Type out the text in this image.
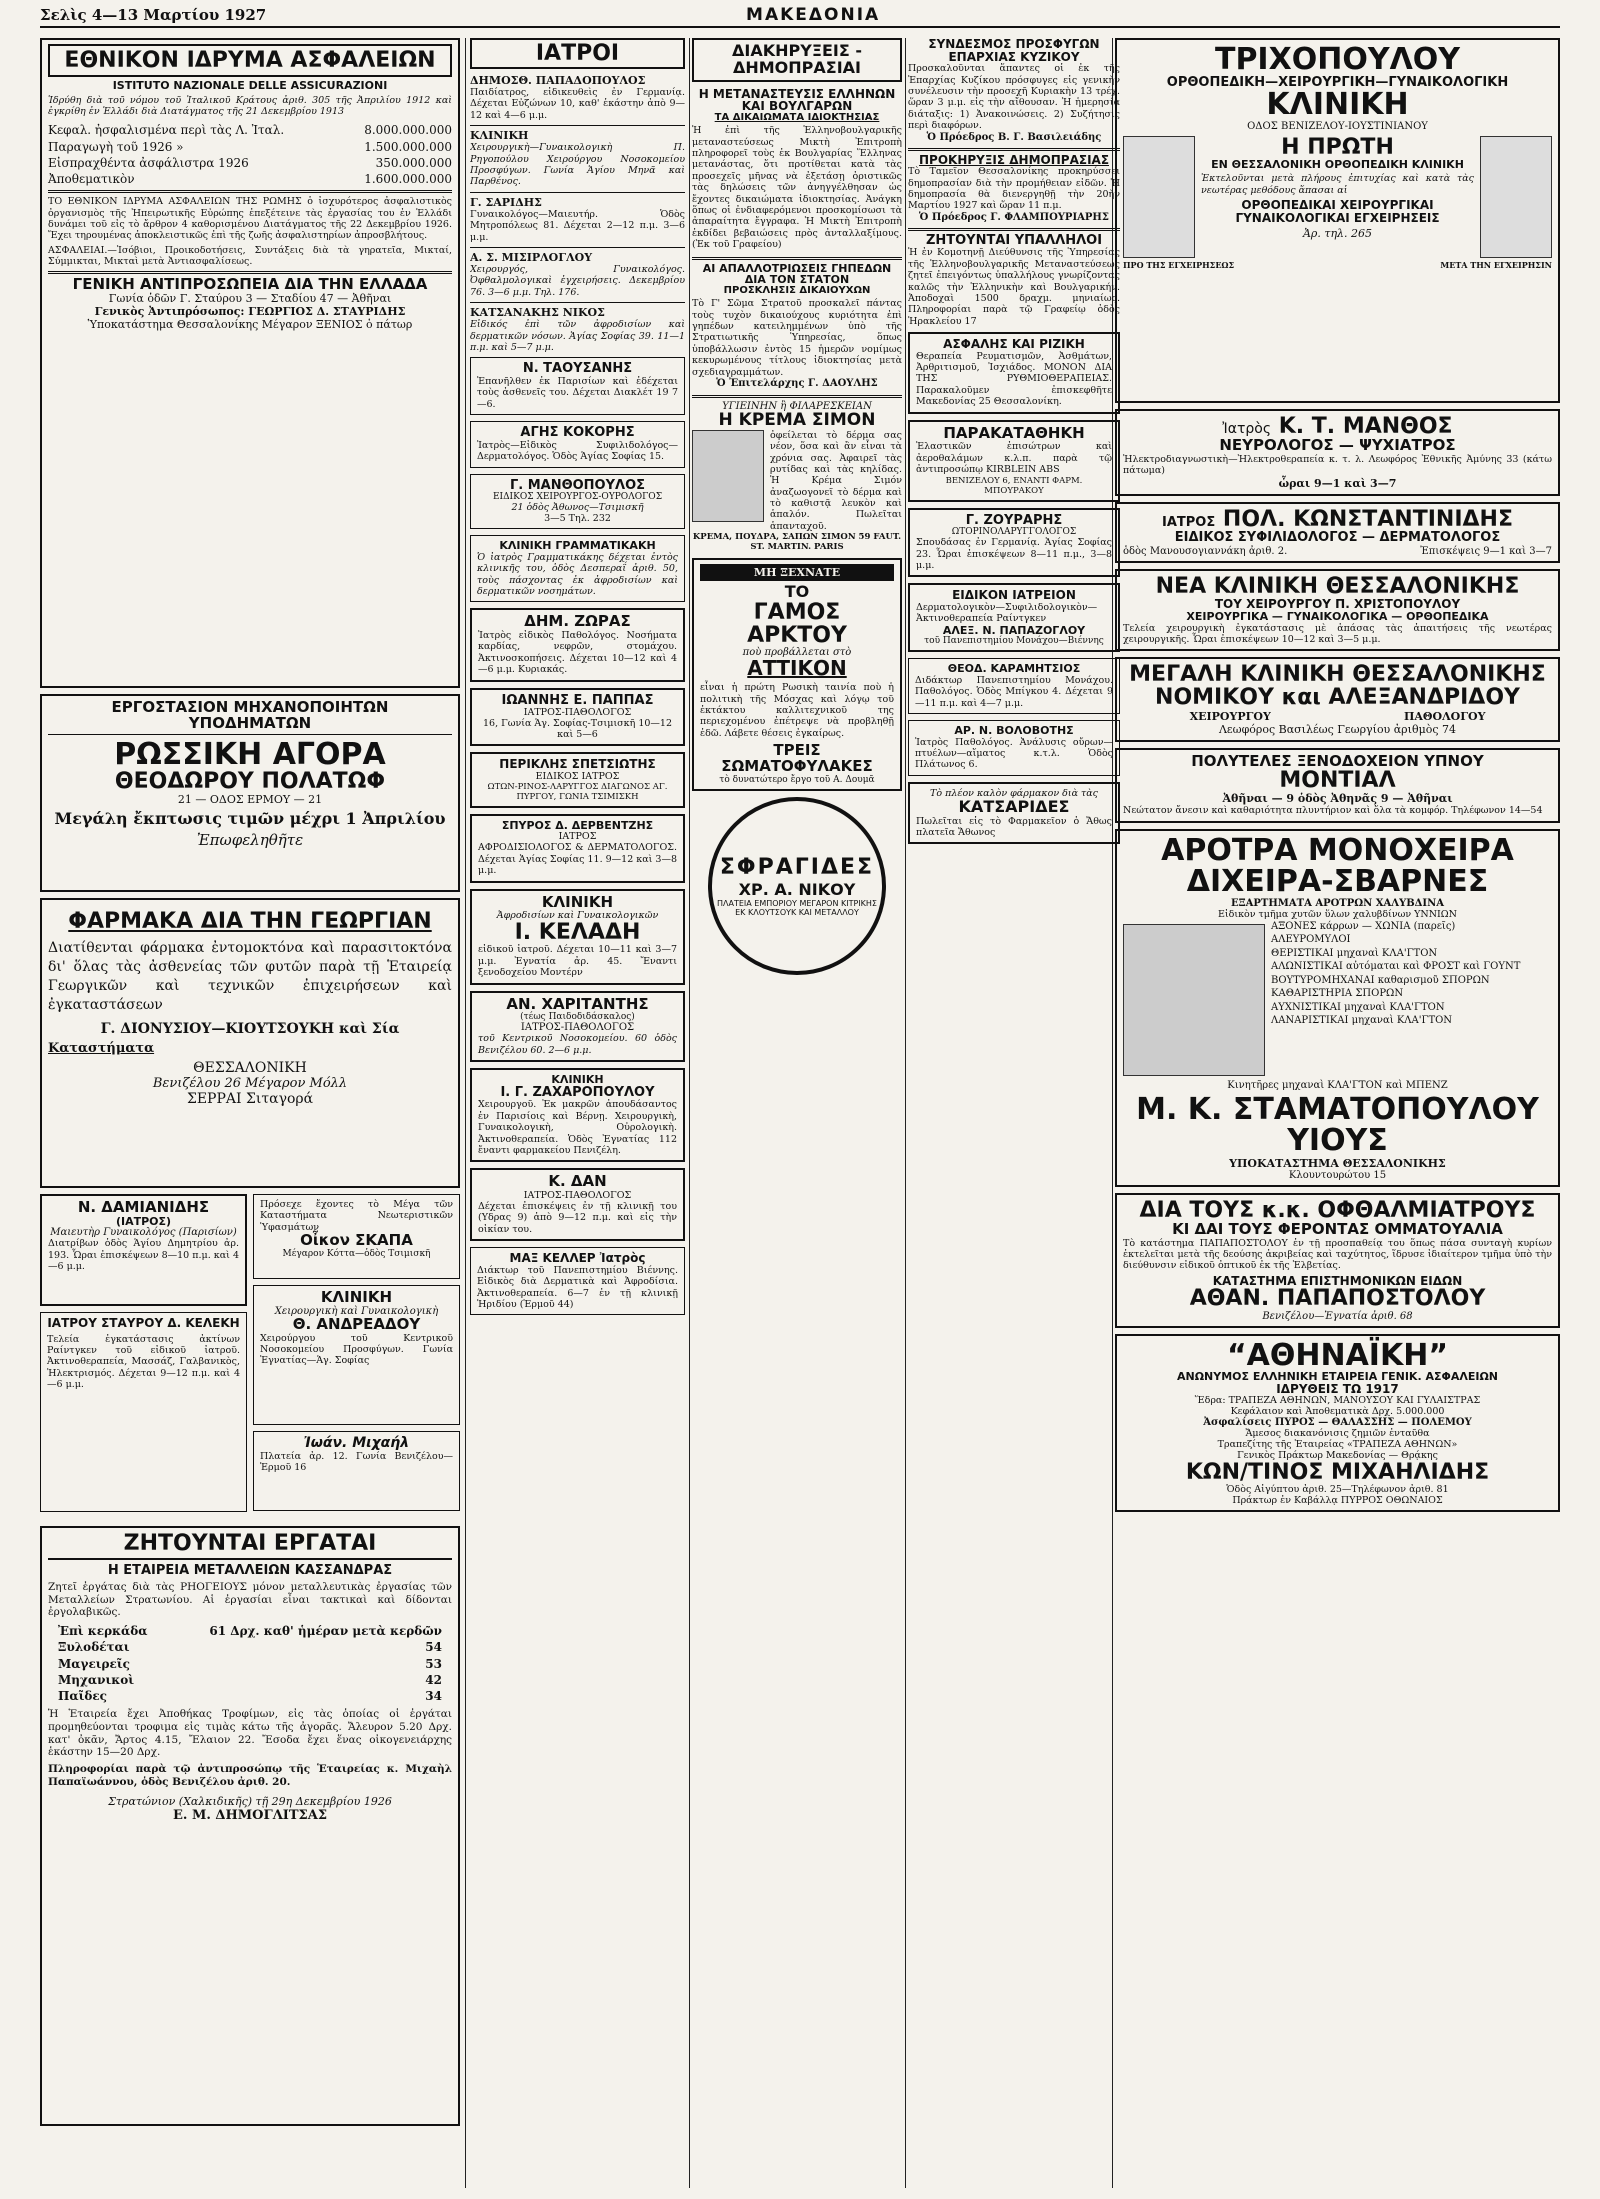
Σελὶς 4—13 Μαρτίου 1927	ΜΑΚΕΔΟΝΙΑ
ΕΘΝΙΚΟΝ ΙΔΡΥΜΑ ΑΣΦΑΛΕΙΩΝ
ISTITUTO NAZIONALE DELLE ASSICURAZIONI
Ἱδρύθη διὰ τοῦ νόμου τοῦ Ἰταλικοῦ Κράτους ἀριθ. 305 τῆς Ἀπριλίου 1912 καὶ ἐγκρίθη ἐν Ἑλλάδι διὰ Διατάγματος τῆς 21 Δεκεμβρίου 1913
Κεφαλ. ἠσφαλισμένα περὶ τὰς Λ. Ἰταλ.	8.000.000.000
Παραγωγὴ τοῦ 1926 »	1.500.000.000
Εἰσπραχθέντα ἀσφάλιστρα 1926	350.000.000
Ἀποθεματικὸν	1.600.000.000
ΤΟ ΕΘΝΙΚΟΝ ΙΔΡΥΜΑ ΑΣΦΑΛΕΙΩΝ ΤΗΣ ΡΩΜΗΣ ὁ ἰσχυρότερος ἀσφαλιστικὸς ὀργανισμὸς τῆς Ἠπειρωτικῆς Εὐρώπης ἐπεξέτεινε τὰς ἐργασίας του ἐν Ἑλλάδι δυνάμει τοῦ εἰς τὸ ἄρθρον 4 καθορισμένου Διατάγματος τῆς 22 Δεκεμβρίου 1926. Ἔχει τηρουμένας ἀποκλειστικῶς ἐπὶ τῆς ζωῆς ἀσφαλιστηρίων ἀπροσβλήτους.
ΑΣΦΑΛΕΙΑΙ.—Ἰσόβιοι, Προικοδοτήσεις, Συντάξεις διὰ τὰ γηρατεῖα, Μικταί, Σύμμικται, Μικταὶ μετὰ Ἀντιασφαλίσεως.
ΓΕΝΙΚΗ ΑΝΤΙΠΡΟΣΩΠΕΙΑ ΔΙΑ ΤΗΝ ΕΛΛΑΔΑ
Γωνία ὁδῶν Γ. Σταύρου 3 — Σταδίου 47 — Ἀθῆναι
Γενικὸς Ἀντιπρόσωπος: ΓΕΩΡΓΙΟΣ Δ. ΣΤΑΥΡΙΔΗΣ
Ὑποκατάστημα Θεσσαλονίκης Μέγαρον ΞΕΝΙΟΣ ὁ πάτωρ
ΕΡΓΟΣΤΑΣΙΟΝ ΜΗΧΑΝΟΠΟΙΗΤΩΝ ΥΠΟΔΗΜΑΤΩΝ
ΡΩΣΣΙΚΗ ΑΓΟΡΑ
ΘΕΟΔΩΡΟΥ ΠΟΛΑΤΩΦ
21 — ΟΔΟΣ ΕΡΜΟΥ — 21
Μεγάλη ἔκπτωσις τιμῶν μέχρι 1 Ἀπριλίου
Ἐπωφεληθῆτε
ΦΑΡΜΑΚΑ ΔΙΑ ΤΗΝ ΓΕΩΡΓΙΑΝ
Διατίθενται φάρμακα ἐντομοκτόνα καὶ παρασιτοκτόνα δι' ὅλας τὰς ἀσθενείας τῶν φυτῶν παρὰ τῇ Ἑταιρείᾳ Γεωργικῶν καὶ τεχνικῶν ἐπιχειρήσεων καὶ ἐγκαταστάσεων
Γ. ΔΙΟΝΥΣΙΟΥ—ΚΙΟΥΤΣΟΥΚΗ καὶ Σία
Καταστήματα
ΘΕΣΣΑΛΟΝΙΚΗ
Βενιζέλου 26 Μέγαρον Μόλλ
ΣΕΡΡΑΙ Σιταγορά
Ν. ΔΑΜΙΑΝΙΔΗΣ
(ΙΑΤΡΟΣ)
Μαιευτὴρ Γυναικολόγος (Παρισίων)
Διατρίβων ὁδὸς Ἁγίου Δημητρίου ἀρ. 193. Ὧραι ἐπισκέψεων 8—10 π.μ. καὶ 4—6 μ.μ.
ΙΑΤΡΟΥ ΣΤΑΥΡΟΥ Δ. ΚΕΛΕΚΗ
Τελεία ἐγκατάστασις ἀκτίνων Ραίντγκεν τοῦ εἰδικοῦ ἰατροῦ. Ἀκτινοθεραπεία, Μασσάζ, Γαλβανικὸς, Ἠλεκτρισμός. Δέχεται 9—12 π.μ. καὶ 4—6 μ.μ.
Πρόσεχε ἔχοντες τὸ Μέγα τῶν Καταστήματα Νεωτεριστικῶν Ὑφασμάτων
Οἶκον ΣΚΑΠΑ
Μέγαρον Κόττα—ὁδὸς Τσιμισκῆ
ΚΛΙΝΙΚΗ
Χειρουργικὴ καὶ Γυναικολογικὴ
Θ. ΑΝΔΡΕΑΔΟΥ
Χειρούργου τοῦ Κεντρικοῦ Νοσοκομείου Προσφύγων. Γωνία Ἐγνατίας—Ἁγ. Σοφίας
Ἰωάν. Μιχαήλ
Πλατεία ἀρ. 12. Γωνία Βενιζέλου—Ἑρμοῦ 16
ΖΗΤΟΥΝΤΑΙ ΕΡΓΑΤΑΙ
Η ΕΤΑΙΡΕΙΑ ΜΕΤΑΛΛΕΙΩΝ ΚΑΣΣΑΝΔΡΑΣ
Ζητεῖ ἐργάτας διὰ τὰς ΡΗΟΓΕΙΟΥΣ μόνον μεταλλευτικὰς ἐργασίας τῶν Μεταλλείων Στρατωνίου. Αἱ ἐργασίαι εἶναι τακτικαὶ καὶ δίδονται ἐργολαβικῶς.
Ἐπὶ κερκάδα	61 Δρχ. καθ' ἡμέραν μετὰ κερδῶν
Ξυλοδέται	54
Μαγειρεῖς	53
Μηχανικοὶ	42
Παῖδες	34
Ἡ Ἑταιρεία ἔχει Ἀποθήκας Τροφίμων, εἰς τὰς ὁποίας οἱ ἐργάται προμηθεύονται τροφιμα εἰς τιμὰς κάτω τῆς ἀγορᾶς. Ἄλευρον 5.20 Δρχ. κατ' ὀκᾶν, Ἄρτος 4.15, Ἔλαιον 22. Ἔσοδα ἔχει ἕνας οἰκογενειάρχης ἑκάστην 15—20 Δρχ.
Πληροφορίαι παρὰ τῷ ἀντιπροσώπῳ τῆς Ἑταιρείας κ. Μιχαὴλ Παπαϊωάννου, ὁδὸς Βενιζέλου ἀριθ. 20.
Στρατώνιον (Χαλκιδικῆς) τῇ 29η Δεκεμβρίου 1926
Ε. Μ. ΔΗΜΟΓΛΙΤΣΑΣ
ΙΑΤΡΟΙ
ΔΗΜΟΣΘ. ΠΑΠΑΔΟΠΟΥΛΟΣ
Παιδίατρος, εἰδικευθεὶς ἐν Γερμανίᾳ. Δέχεται Εὐζώνων 10, καθ' ἑκάστην ἀπὸ 9—12 καὶ 4—6 μ.μ.
ΚΛΙΝΙΚΗ
Χειρουργικὴ—Γυναικολογικὴ Π. Ρηγοπούλου Χειρούργου Νοσοκομείου Προσφύγων. Γωνία Ἁγίου Μηνᾶ καὶ Παρθένος.
Γ. ΣΑΡΙΔΗΣ
Γυναικολόγος—Μαιευτήρ. Ὁδὸς Μητροπόλεως 81. Δέχεται 2—12 π.μ. 3—6 μ.μ.
Α. Σ. ΜΙΣΙΡΛΟΓΛΟΥ
Χειρουργός, Γυναικολόγος. Ὀφθαλμολογικαὶ ἐγχειρήσεις. Δεκεμβρίου 76. 3—6 μ.μ. Τηλ. 176.
ΚΑΤΣΑΝΑΚΗΣ ΝΙΚΟΣ
Εἰδικός ἐπὶ τῶν ἀφροδισίων καὶ δερματικῶν νόσων. Ἁγίας Σοφίας 39. 11—1 π.μ. καὶ 5—7 μ.μ.
Ν. ΤΑΟΥΣΑΝΗΣ
Ἐπανῆλθεν ἐκ Παρισίων καὶ ἐδέχεται τοὺς ἀσθενεῖς του. Δέχεται Διακλέτ 19 7—6.
ΑΓΗΣ ΚΟΚΟΡΗΣ
Ἰατρὸς—Εἰδικὸς Συφιλιδολόγος—Δερματολόγος. Ὁδὸς Ἁγίας Σοφίας 15.
Γ. ΜΑΝΘΟΠΟΥΛΟΣ
ΕΙΔΙΚΟΣ ΧΕΙΡΟΥΡΓΟΣ-ΟΥΡΟΛΟΓΟΣ
21 ὁδὸς Ἀθωνος—Τσιμισκῆ
3—5 Τηλ. 232
ΚΛΙΝΙΚΗ ΓΡΑΜΜΑΤΙΚΑΚΗ
Ὁ ἰατρὸς Γραμματικάκης δέχεται ἐντὸς κλινικῆς του, ὁδὸς Δεσπεραΐ ἀριθ. 50, τοὺς πάσχοντας ἐκ ἀφροδισίων καὶ δερματικῶν νοσημάτων.
ΔΗΜ. ΖΩΡΑΣ
Ἰατρὸς εἰδικὸς Παθολόγος. Νοσήματα καρδίας, νεφρῶν, στομάχου. Ἀκτινοσκοπήσεις. Δέχεται 10—12 καὶ 4—6 μ.μ. Κυριακάς.
ΙΩΑΝΝΗΣ Ε. ΠΑΠΠΑΣ
ΙΑΤΡΟΣ-ΠΑΘΟΛΟΓΟΣ
16, Γωνία Ἁγ. Σοφίας-Τσιμισκῆ 10—12 καὶ 5—6
ΠΕΡΙΚΛΗΣ ΣΠΕΤΣΙΩΤΗΣ
ΕΙΔΙΚΟΣ ΙΑΤΡΟΣ
ΩΤΩΝ-ΡΙΝΟΣ-ΛΑΡΥΓΓΟΣ ΔΙΑΓΩΝΟΣ ΑΓ. ΠΥΡΓΟΥ, ΓΩΝΙΑ ΤΣΙΜΙΣΚΗ
ΣΠΥΡΟΣ Δ. ΔΕΡΒΕΝΤΖΗΣ
ΙΑΤΡΟΣ
ΑΦΡΟΔΙΣΙΟΛΟΓΟΣ & ΔΕΡΜΑΤΟΛΟΓΟΣ. Δέχεται Ἁγίας Σοφίας 11. 9—12 καὶ 3—8 μ.μ.
ΚΛΙΝΙΚΗ
Ἀφροδισίων καὶ Γυναικολογικῶν
Ι. ΚΕΛΑΔΗ
εἰδικοῦ ἰατροῦ. Δέχεται 10—11 καὶ 3—7 μ.μ. Ἐγνατία ἀρ. 45. Ἔναντι ξενοδοχείου Μοντέρν
ΑΝ. ΧΑΡΙΤΑΝΤΗΣ
(τέως Παιδοδιδάσκαλος)
ΙΑΤΡΟΣ-ΠΑΘΟΛΟΓΟΣ
τοῦ Κεντρικοῦ Νοσοκομείου. 60 ὁδὸς Βενιζέλου 60. 2—6 μ.μ.
ΚΛΙΝΙΚΗ
Ι. Γ. ΖΑΧΑΡΟΠΟΥΛΟΥ
Χειρουργοῦ. Ἐκ μακρῶν ἀπουδάσαντος ἐν Παρισίοις καὶ Βέρνῃ. Χειρουργικὴ, Γυναικολογικὴ, Οὐρολογικὴ. Ἀκτινοθεραπεία. Ὁδὸς Ἐγνατίας 112 ἔναντι φαρμακείου Πενιζέλη.
Κ. ΔΑΝ
ΙΑΤΡΟΣ-ΠΑΘΟΛΟΓΟΣ
Δέχεται ἐπισκέψεις ἐν τῇ κλινικῇ του (Υδρας 9) ἀπὸ 9—12 π.μ. καὶ εἰς τὴν οἰκίαν του.
ΜΑΞ ΚΕΛΛΕΡ Ἰατρὸς
Διάκτωρ τοῦ Πανεπιστημίου Βιέννης. Εἰδικὸς διὰ Δερματικὰ καὶ Ἀφροδίσια. Ἀκτινοθεραπεία. 6—7 ἐν τῇ κλινικῇ Ἡριδίου (Ἑρμοῦ 44)
ΔΙΑΚΗΡΥΞΕΙΣ - ΔΗΜΟΠΡΑΣΙΑΙ
Η ΜΕΤΑΝΑΣΤΕΥΣΙΣ ΕΛΛΗΝΩΝ ΚΑΙ ΒΟΥΛΓΑΡΩΝ
ΤΑ ΔΙΚΑΙΩΜΑΤΑ ΙΔΙΟΚΤΗΣΙΑΣ
Ἡ ἐπὶ τῆς Ἑλληνοβουλγαρικῆς μεταναστεύσεως Μικτὴ Ἐπιτροπὴ πληροφορεῖ τοὺς ἐκ Βουλγαρίας Ἕλληνας μετανάστας, ὅτι προτίθεται κατὰ τὰς προσεχεῖς μῆνας νὰ ἐξετάσῃ ὁριστικῶς τὰς δηλώσεις τῶν ἀνηγγέλθησαν ὡς ἔχοντες δικαιώματα ἰδιοκτησίας. Ἀνάγκη ὅπως οἱ ἐνδιαφερόμενοι προσκομίσωσι τὰ ἀπαραίτητα ἔγγραφα. Ἡ Μικτὴ Ἐπιτροπὴ ἐκδίδει βεβαιώσεις πρὸς ἀνταλλαξίμους. (Ἐκ τοῦ Γραφείου)
ΑΙ ΑΠΑΛΛΟΤΡΙΩΣΕΙΣ ΓΗΠΕΔΩΝ ΔΙΑ ΤΟΝ ΣΤΑΤΟΝ
ΠΡΟΣΚΛΗΣΙΣ ΔΙΚΑΙΟΥΧΩΝ
Τὸ Γ' Σῶμα Στρατοῦ προσκαλεῖ πάντας τοὺς τυχὸν δικαιούχους κυριότητα ἐπὶ γηπέδων κατειλημμένων ὑπὸ τῆς Στρατιωτικῆς Ὑπηρεσίας, ὅπως ὑποβάλλωσιν ἐντὸς 15 ἡμερῶν νομίμως κεκυρωμένους τίτλους ἰδιοκτησίας μετὰ σχεδιαγραμμάτων.
Ὁ Ἐπιτελάρχης Γ. ΔΑΟΥΛΗΣ
ΥΓΙΕΙΝΗΝ ἢ ΦΙΛΑΡΕΣΚΕΙΑΝ
Η ΚΡΕΜΑ ΣΙΜΟΝ
ὀφείλεται τὸ δέρμα σας νέον, ὅσα καὶ ἂν εἶναι τὰ χρόνια σας. Ἀφαιρεῖ τὰς ρυτίδας καὶ τὰς κηλίδας. Ἡ Κρέμα Σιμόν ἀναζωογονεῖ τὸ δέρμα καὶ τὸ καθιστᾷ λευκὸν καὶ ἁπαλόν. Πωλεῖται ἁπανταχοῦ.
ΚΡΕΜΑ, ΠΟΥΔΡΑ, ΣΑΠΩΝ ΣΙΜΟΝ 59 FAUT. ST. MARTIN. PARIS
ΜΗ ΞΕΧΝΑΤΕ
ΤΟ
ΓΑΜΟΣ ΑΡΚΤΟΥ
ποὺ προβάλλεται στὸ
ΑΤΤΙΚΟΝ
εἶναι ἡ πρώτη Ρωσικὴ ταινία ποὺ ἡ πολιτικὴ τῆς Μόσχας καὶ λόγῳ τοῦ ἐκτάκτου καλλιτεχνικοῦ της περιεχομένου ἐπέτρεψε νὰ προβληθῇ ἐδῶ. Λάβετε θέσεις ἐγκαίρως.
ΤΡΕΙΣ ΣΩΜΑΤΟΦΥΛΑΚΕΣ
τὸ δυνατώτερο ἔργο τοῦ Α. Δουμᾶ
ΣΦΡΑΓΙΔΕΣ
ΧΡ. Α. ΝΙΚΟΥ
ΠΛΑΤΕΙΑ ΕΜΠΟΡΙΟΥ ΜΕΓΑΡΟΝ ΚΙΤΡΙΚΗΣ
ΕΚ ΚΛΟΥΤΣΟΥΚ ΚΑΙ ΜΕΤΑΛΛΟΥ
ΣΥΝΔΕΣΜΟΣ ΠΡΟΣΦΥΓΩΝ ΕΠΑΡΧΙΑΣ ΚΥΖΙΚΟΥ
Προσκαλοῦνται ἅπαντες οἱ ἐκ τῆς Ἐπαρχίας Κυζίκου πρόσφυγες εἰς γενικὴν συνέλευσιν τὴν προσεχῆ Κυριακὴν 13 τρέχ. ὥραν 3 μ.μ. εἰς τὴν αἴθουσαν. Ἡ ἡμερησία διάταξις: 1) Ἀνακοινώσεις. 2) Συζήτησις περὶ διαφόρων.
Ὁ Πρόεδρος Β. Γ. Βασιλειάδης
ΠΡΟΚΗΡΥΞΙΣ ΔΗΜΟΠΡΑΣΙΑΣ
Τὸ Ταμεῖον Θεσσαλονίκης προκηρύσσει δημοπρασίαν διὰ τὴν προμήθειαν εἰδῶν. Ἡ δημοπρασία θὰ διενεργηθῇ τὴν 20ὴν Μαρτίου 1927 καὶ ὥραν 11 π.μ.
Ὁ Πρόεδρος Γ. ΦΛΑΜΠΟΥΡΙΑΡΗΣ
ΖΗΤΟΥΝΤΑΙ ΥΠΑΛΛΗΛΟΙ
Ἡ ἐν Κομοτηνῇ Διεύθυνσις τῆς Ὑπηρεσίας τῆς Ἑλληνοβουλγαρικῆς Μεταναστεύσεως ζητεῖ ἐπειγόντως ὑπαλλήλους γνωρίζοντας καλῶς τὴν Ἑλληνικὴν καὶ Βουλγαρικήν. Ἀποδοχαὶ 1500 δραχμ. μηνιαίως. Πληροφορίαι παρὰ τῷ Γραφείῳ ὁδὸς Ἡρακλείου 17
ΑΣΦΑΛΗΣ ΚΑΙ ΡΙΖΙΚΗ
Θεραπεία Ρευματισμῶν, Ἀσθμάτων, Ἀρθριτισμοῦ, Ἰσχιάδος. ΜΟΝΟΝ ΔΙΑ ΤΗΣ ΡΥΘΜΙΟΘΕΡΑΠΕΙΑΣ. Παρακαλοῦμεν ἐπισκεφθῆτε Μακεδονίας 25 Θεσσαλονίκη.
ΠΑΡΑΚΑΤΑΘΗΚΗ
Ἐλαστικῶν ἐπισώτρων καὶ ἀεροθαλάμων κ.λ.π. παρὰ τῷ ἀντιπροσώπῳ KIRBLEIN ABS
ΒΕΝΙΖΕΛΟΥ 6, ΕΝΑΝΤΙ ΦΑΡΜ. ΜΠΟΥΡΑΚΟΥ
Γ. ΖΟΥΡΑΡΗΣ
ΩΤΟΡΙΝΟΛΑΡΥΓΓΟΛΟΓΟΣ
Σπουδάσας ἐν Γερμανίᾳ. Ἁγίας Σοφίας 23. Ὧραι ἐπισκέψεων 8—11 π.μ., 3—8 μ.μ.
ΕΙΔΙΚΟΝ ΙΑΤΡΕΙΟΝ
Δερματολογικὸν—Συφιλιδολογικὸν—Ἀκτινοθεραπεία Ραίντγκεν
ΑΛΕΞ. Ν. ΠΑΠΑΖΟΓΛΟΥ
τοῦ Πανεπιστημίου Μονάχου—Βιέννης
ΘΕΟΔ. ΚΑΡΑΜΗΤΣΙΟΣ
Διδάκτωρ Πανεπιστημίου Μονάχου. Παθολόγος. Ὁδὸς Μπίγκου 4. Δέχεται 9—11 π.μ. καὶ 4—7 μ.μ.
ΑΡ. Ν. ΒΟΛΟΒΟΤΗΣ
Ἰατρὸς Παθολόγος. Ἀνάλυσις οὔρων—πτυέλων—αἵματος κ.τ.λ. Ὁδὸς Πλάτωνος 6.
Τὸ πλέον καλὸν φάρμακον διὰ τὰς
ΚΑΤΣΑΡΙΔΕΣ
Πωλεῖται εἰς τὸ Φαρμακεῖον ὁ Ἄθως πλατεῖα Ἄθωνος
ΤΡΙΧΟΠΟΥΛΟΥ
ΟΡΘΟΠΕΔΙΚΗ—ΧΕΙΡΟΥΡΓΙΚΗ—ΓΥΝΑΙΚΟΛΟΓΙΚΗ
ΚΛΙΝΙΚΗ
ΟΔΟΣ ΒΕΝΙΖΕΛΟΥ-ΙΟΥΣΤΙΝΙΑΝΟΥ
Η ΠΡΩΤΗ
ΕΝ ΘΕΣΣΑΛΟΝΙΚΗ ΟΡΘΟΠΕΔΙΚΗ ΚΛΙΝΙΚΗ
Ἐκτελοῦνται μετὰ πλήρους ἐπιτυχίας καὶ κατὰ τὰς νεωτέρας μεθόδους ἅπασαι αἱ
ΟΡΘΟΠΕΔΙΚΑΙ ΧΕΙΡΟΥΡΓΙΚΑΙ ΓΥΝΑΙΚΟΛΟΓΙΚΑΙ ΕΓΧΕΙΡΗΣΕΙΣ
Ἀρ. τηλ. 265
ΠΡΟ ΤΗΣ ΕΓΧΕΙΡΗΣΕΩΣ	ΜΕΤΑ ΤΗΝ ΕΓΧΕΙΡΗΣΙΝ
Ἰατρὸς Κ. Τ. ΜΑΝΘΟΣ
ΝΕΥΡΟΛΟΓΟΣ — ΨΥΧΙΑΤΡΟΣ
Ἠλεκτροδιαγνωστικὴ—Ἠλεκτροθεραπεία κ. τ. λ. Λεωφόρος Ἐθνικῆς Ἀμύνης 33 (κάτω πάτωμα)
ὧραι 9—1 καὶ 3—7
ΙΑΤΡΟΣ ΠΟΛ. ΚΩΝΣΤΑΝΤΙΝΙΔΗΣ
ΕΙΔΙΚΟΣ ΣΥΦΙΛΙΔΟΛΟΓΟΣ — ΔΕΡΜΑΤΟΛΟΓΟΣ
ὁδὸς Μανουσογιαννάκη ἀριθ. 2.	Ἐπισκέψεις 9—1 καὶ 3—7
ΝΕΑ ΚΛΙΝΙΚΗ ΘΕΣΣΑΛΟΝΙΚΗΣ
ΤΟΥ ΧΕΙΡΟΥΡΓΟΥ Π. ΧΡΙΣΤΟΠΟΥΛΟΥ
ΧΕΙΡΟΥΡΓΙΚΑ — ΓΥΝΑΙΚΟΛΟΓΙΚΑ — ΟΡΘΟΠΕΔΙΚΑ
Τελεία χειρουργικὴ ἐγκατάστασις μὲ ἁπάσας τὰς ἀπαιτήσεις τῆς νεωτέρας χειρουργικῆς. Ὧραι ἐπισκέψεων 10—12 καὶ 3—5 μ.μ.
ΜΕΓΑΛΗ ΚΛΙΝΙΚΗ ΘΕΣΣΑΛΟΝΙΚΗΣ
ΝΟΜΙΚΟΥ και ΑΛΕΞΑΝΔΡΙΔΟΥ
ΧΕΙΡΟΥΡΓΟΥ	ΠΑΘΟΛΟΓΟΥ
Λεωφόρος Βασιλέως Γεωργίου ἀριθμὸς 74
ΠΟΛΥΤΕΛΕΣ ΞΕΝΟΔΟΧΕΙΟΝ ΥΠΝΟΥ
ΜΟΝΤΙΑΛ
Ἀθῆναι — 9 ὁδὸς Ἀθηνᾶς 9 — Ἀθῆναι
Νεώτατον ἄνεσιν καὶ καθαριότητα πλυντήριον καὶ ὅλα τὰ κομφόρ. Τηλέφωνον 14—54
ΑΡΟΤΡΑ ΜΟΝΟΧΕΙΡΑ
ΔΙΧΕΙΡΑ-ΣΒΑΡΝΕΣ
ΕΞΑΡΤΗΜΑΤΑ ΑΡΟΤΡΩΝ ΧΑΛΥΒΔΙΝΑ
Εἰδικὸν τμῆμα χυτῶν ὕλων χαλυβδίνων ΥΝΝΙΩΝ
ΑΞΟΝΕΣ κάρρων — ΧΩΝΙΑ (παρεῖς)
ΑΛΕΥΡΟΜΥΛΟΙ
ΘΕΡΙΣΤΙΚΑΙ μηχαναὶ ΚΛΑ'ΓΤΟΝ
ΑΛΩΝΙΣΤΙΚΑΙ αὐτόμαται καὶ ΦΡΟΣΤ καὶ ΓΟΥΝΤ
ΒΟΥΤΥΡΟΜΗΧΑΝΑΙ καθαρισμοῦ ΣΠΟΡΩΝ
ΚΑΘΑΡΙΣΤΗΡΙΑ ΣΠΟΡΩΝ
ΑΥΧΝΙΣΤΙΚΑΙ μηχαναὶ ΚΛΑ'ΓΤΟΝ
ΛΑΝΑΡΙΣΤΙΚΑΙ μηχαναὶ ΚΛΑ'ΓΤΟΝ
Κινητῆρες μηχαναὶ ΚΛΑ'ΓΤΟΝ καὶ ΜΠΕΝΖ
Μ. Κ. ΣΤΑΜΑΤΟΠΟΥΛΟΥ ΥΙΟΥΣ
ΥΠΟΚΑΤΑΣΤΗΜΑ ΘΕΣΣΑΛΟΝΙΚΗΣ
Κλουντουρώτου 15
ΔΙΑ ΤΟΥΣ κ.κ. ΟΦΘΑΛΜΙΑΤΡΟΥΣ
ΚΙ ΔΑΙ ΤΟΥΣ ΦΕΡΟΝΤΑΣ ΟΜΜΑΤΟΥΑΛΙΑ
Τὸ κατάστημα ΠΑΠΑΠΟΣΤΟΛΟΥ ἐν τῇ προσπαθείᾳ του ὅπως πάσα συνταγὴ κυρίων ἐκτελεῖται μετὰ τῆς δεούσης ἀκριβείας καὶ ταχύτητος, ἵδρυσε ἰδιαίτερον τμῆμα ὑπὸ τὴν διεύθυνσιν εἰδικοῦ ὀπτικοῦ ἐκ τῆς Ἑλβετίας.
ΚΑΤΑΣΤΗΜΑ ΕΠΙΣΤΗΜΟΝΙΚΩΝ ΕΙΔΩΝ
ΑΘΑΝ. ΠΑΠΑΠΟΣΤΟΛΟΥ
Βενιζέλου—Ἐγνατία ἀριθ. 68
“ΑΘΗΝΑΪΚΗ”
ΑΝΩΝΥΜΟΣ ΕΛΛΗΝΙΚΗ ΕΤΑΙΡΕΙΑ ΓΕΝΙΚ. ΑΣΦΑΛΕΙΩΝ
ΙΔΡΥΘΕΙΣ ΤΩ 1917
Ἕδρα: ΤΡΑΠΕΖΑ ΑΘΗΝΩΝ, ΜΑΝΟΥΣΟΥ ΚΑΙ ΓΥΛΑΙΣΤΡΑΣ
Κεφάλαιον καὶ Ἀποθεματικὰ Δρχ. 5.000.000
Ἀσφαλίσεις ΠΥΡΟΣ — ΘΑΛΑΣΣΗΣ — ΠΟΛΕΜΟΥ
Ἄμεσος διακανόνισις ζημιῶν ἐνταῦθα
Τραπεζίτης τῆς Ἑταιρείας «ΤΡΑΠΕΖΑ ΑΘΗΝΩΝ»
Γενικὸς Πράκτωρ Μακεδονίας — Θρᾴκης
ΚΩΝ/ΤΙΝΟΣ ΜΙΧΑΗΛΙΔΗΣ
Ὁδὸς Αἰγύπτου ἀριθ. 25—Τηλέφωνον ἀριθ. 81
Πράκτωρ ἐν Καβάλλᾳ ΠΥΡΡΟΣ ΟΘΩΝΑΙΟΣ
